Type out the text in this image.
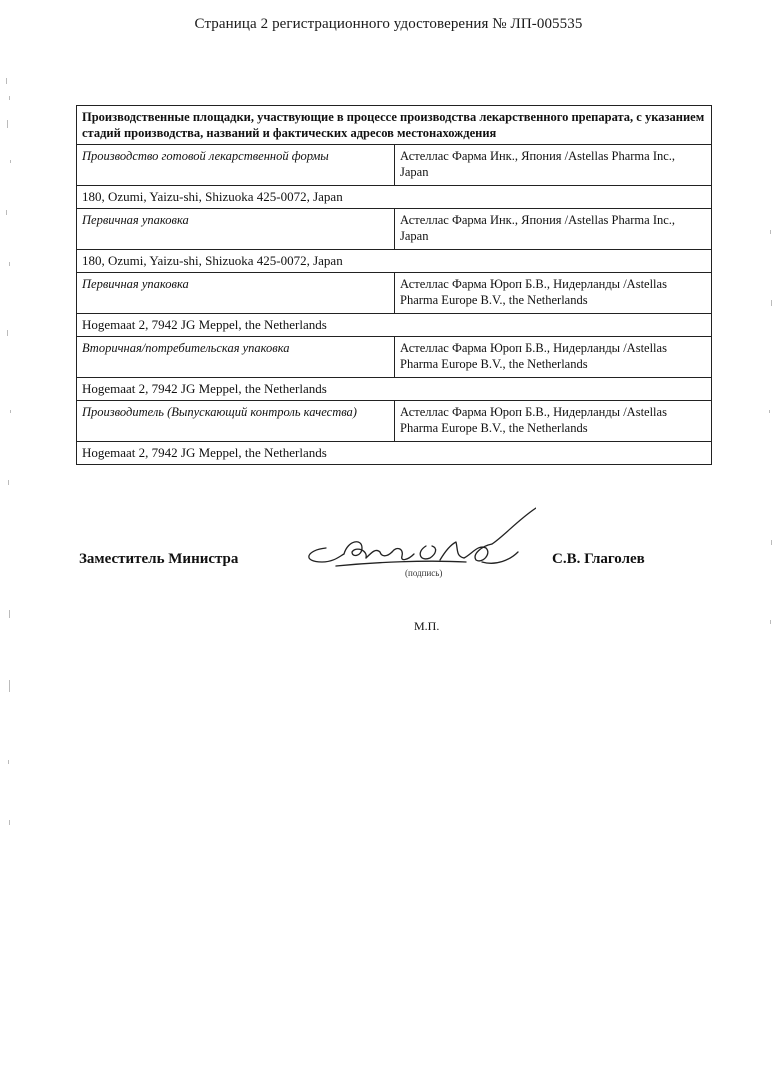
Страница 2 регистрационного удостоверения № ЛП-005535
Производственные площадки, участвующие в процессе производства лекарственного препарата, с указанием стадий производства, названий и фактических адресов местонахождения	
Производство готовой лекарственной формы	Астеллас Фарма Инк., Япония /Astellas Pharma Inc., Japan
180, Ozumi, Yaizu-shi, Shizuoka 425-0072, Japan	
Первичная упаковка	Астеллас Фарма Инк., Япония /Astellas Pharma Inc., Japan
180, Ozumi, Yaizu-shi, Shizuoka 425-0072, Japan	
Первичная упаковка	Астеллас Фарма Юроп Б.В., Нидерланды /Astellas Pharma Europe B.V., the Netherlands
Hogemaat 2, 7942 JG Meppel, the Netherlands	
Вторичная/потребительская упаковка	Астеллас Фарма Юроп Б.В., Нидерланды /Astellas Pharma Europe B.V., the Netherlands
Hogemaat 2, 7942 JG Meppel, the Netherlands	
Производитель (Выпускающий контроль качества)	Астеллас Фарма Юроп Б.В., Нидерланды /Astellas Pharma Europe B.V., the Netherlands
Hogemaat 2, 7942 JG Meppel, the Netherlands	
Заместитель Министра	С.В. Глаголев
(подпись)
М.П.
